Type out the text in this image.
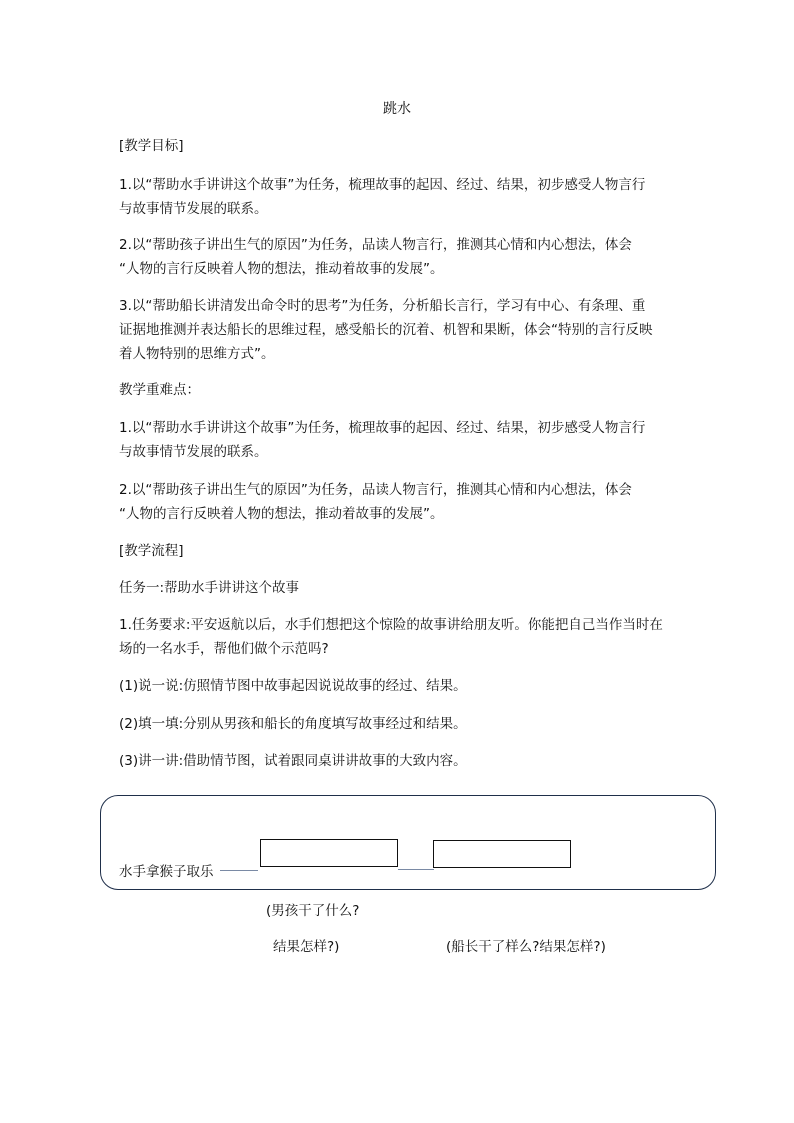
跳水
[教学目标]
1.以“帮助水手讲讲这个故事”为任务，梳理故事的起因、经过、结果，初步感受人物言行
与故事情节发展的联系。
2.以“帮助孩子讲出生气的原因”为任务，品读人物言行，推测其心情和内心想法，体会
“人物的言行反映着人物的想法，推动着故事的发展”。
3.以“帮助船长讲清发出命令时的思考”为任务，分析船长言行，学习有中心、有条理、重
证据地推测并表达船长的思维过程，感受船长的沉着、机智和果断，体会“特别的言行反映
着人物特别的思维方式”。
教学重难点：
1.以“帮助水手讲讲这个故事”为任务，梳理故事的起因、经过、结果，初步感受人物言行
与故事情节发展的联系。
2.以“帮助孩子讲出生气的原因”为任务，品读人物言行，推测其心情和内心想法，体会
“人物的言行反映着人物的想法，推动着故事的发展”。
[教学流程]
任务一:帮助水手讲讲这个故事
1.任务要求:平安返航以后，水手们想把这个惊险的故事讲给朋友听。你能把自己当作当时在
场的一名水手，帮他们做个示范吗?
(1)说一说:仿照情节图中故事起因说说故事的经过、结果。
(2)填一填:分别从男孩和船长的角度填写故事经过和结果。
(3)讲一讲:借助情节图，试着跟同桌讲讲故事的大致内容。
水手拿猴子取乐
(男孩干了什么?
结果怎样?)	(船长干了样么?结果怎样?)
